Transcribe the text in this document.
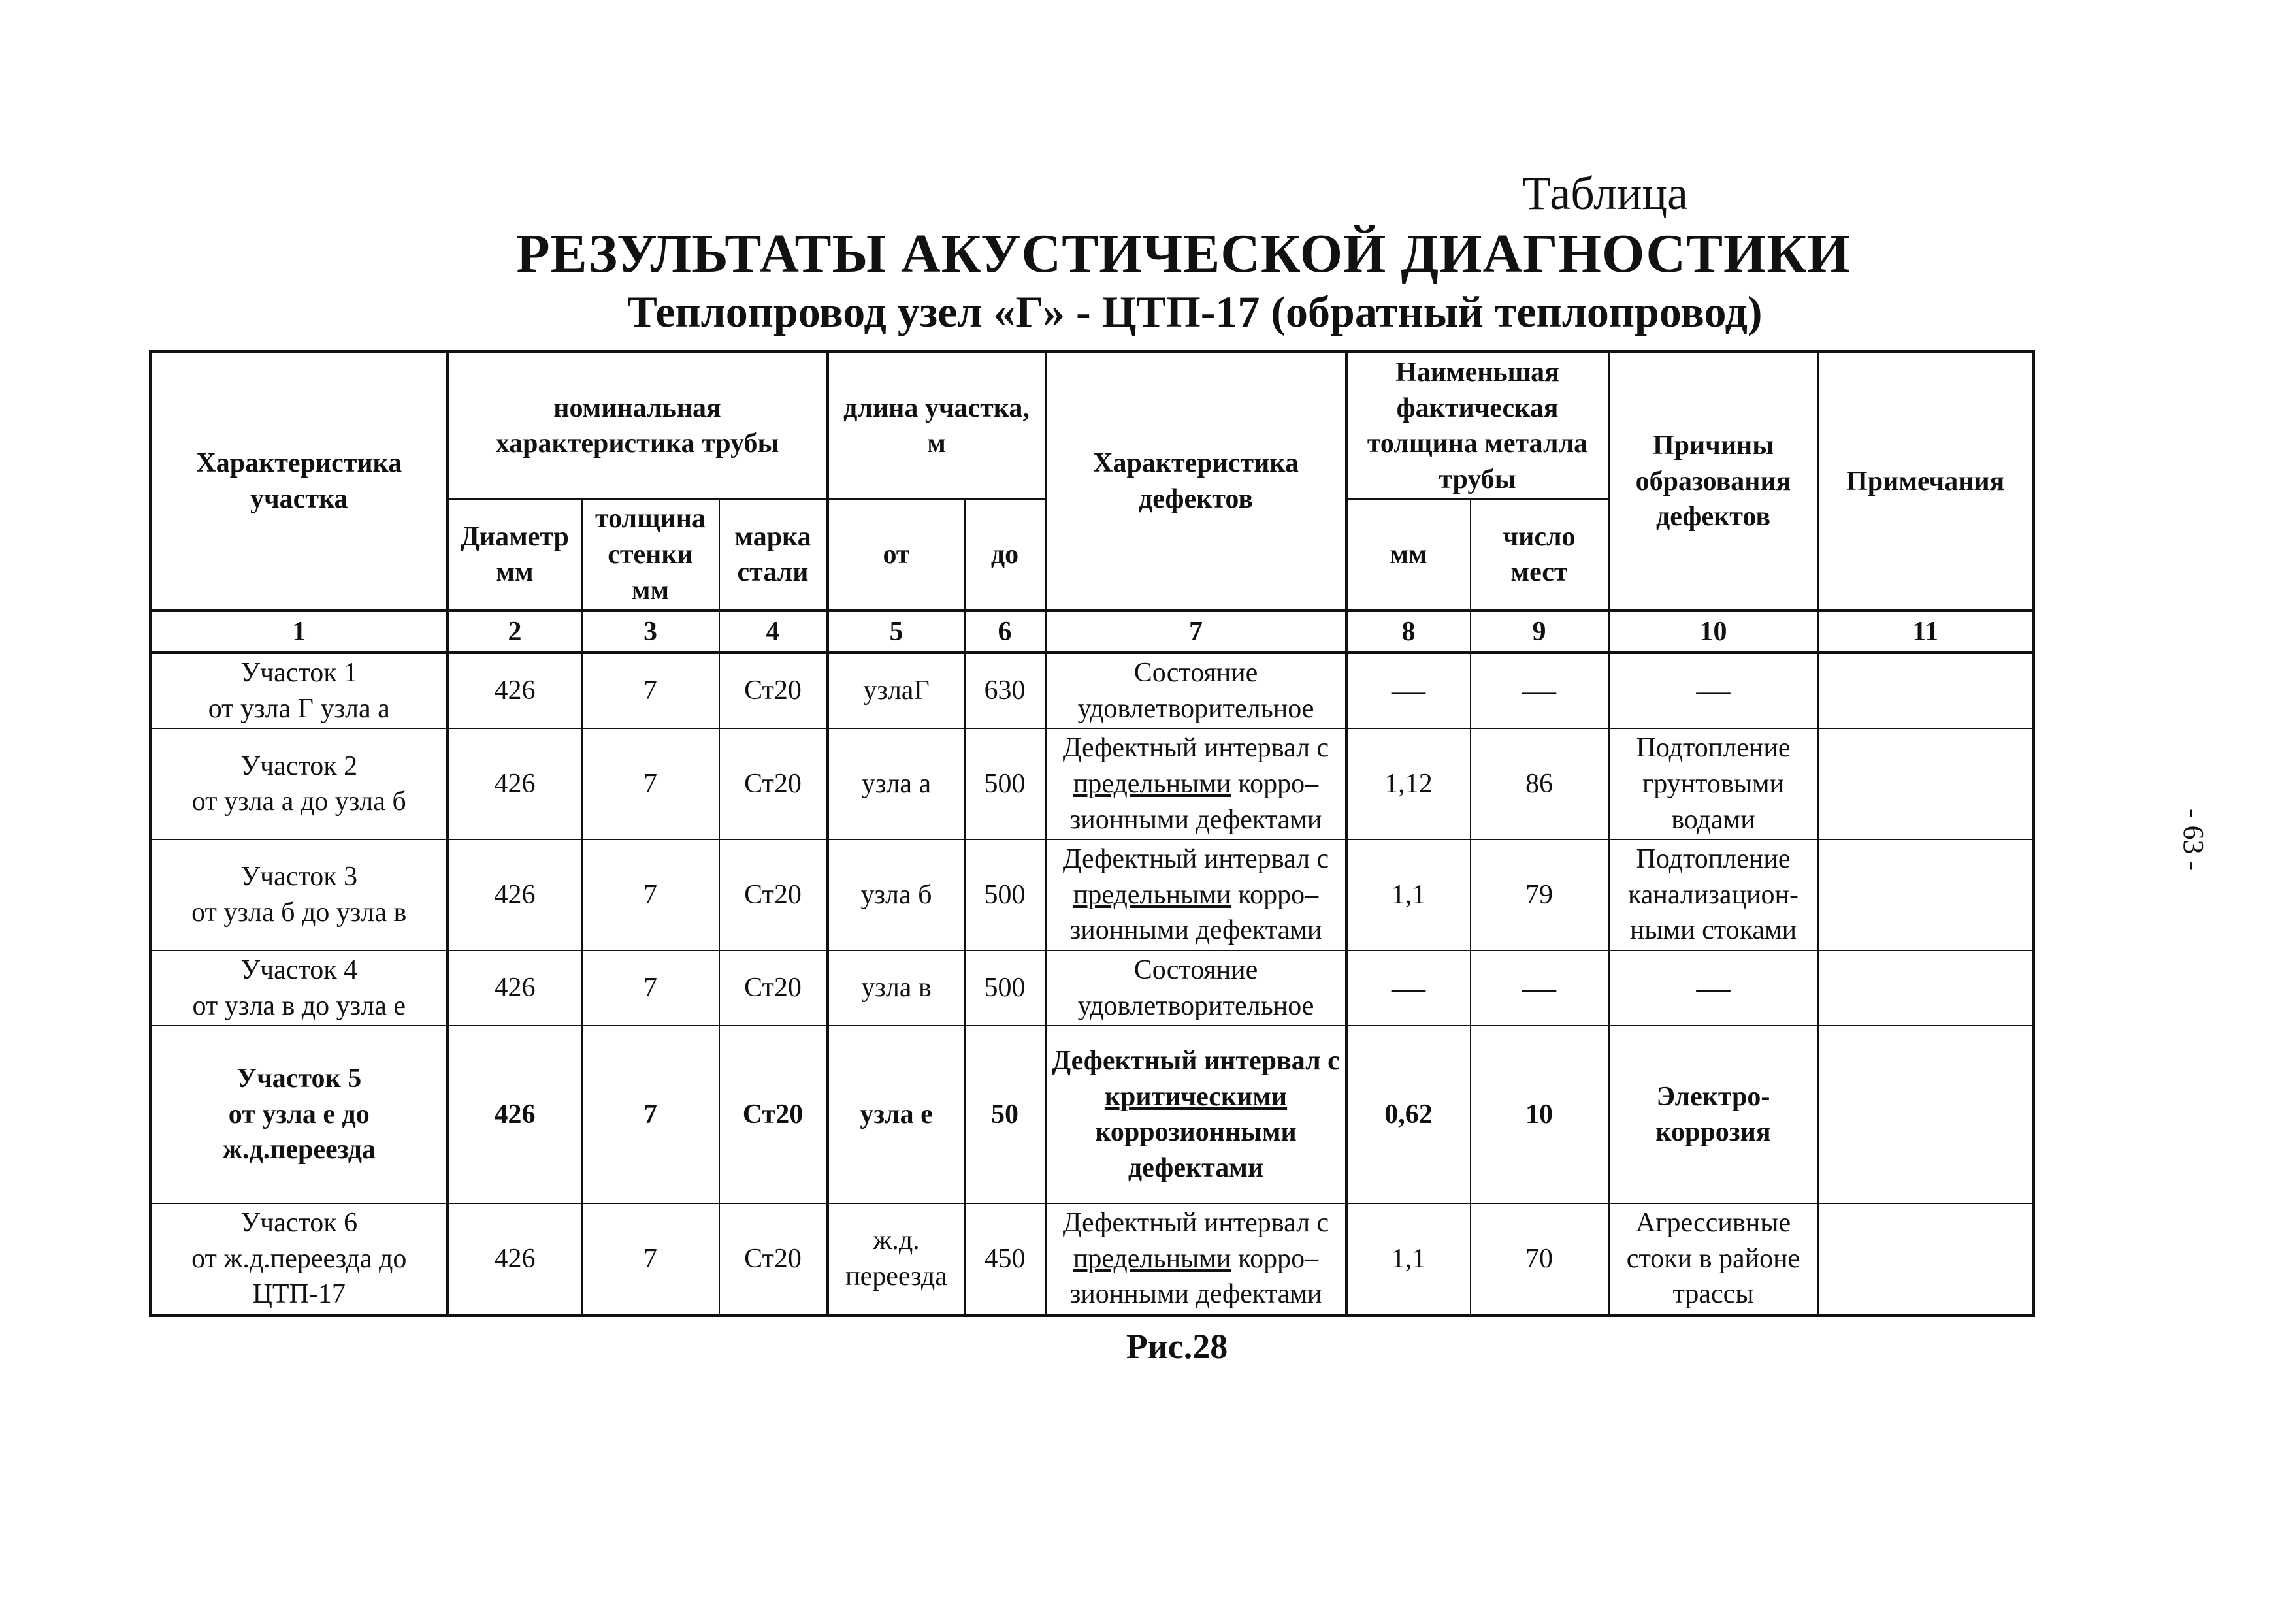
Таблица
РЕЗУЛЬТАТЫ АКУСТИЧЕСКОЙ ДИАГНОСТИКИ
Теплопровод узел «Г» - ЦТП-17 (обратный теплопровод)
- 63 -
Характеристика участка	номинальная характеристика трубы			длина участка, м		Характеристика дефектов	Наименьшая фактическая толщина металла трубы		Причины образования дефектов	Примечания
	Диаметр мм	толщина стенки мм	марка стали	от	до		мм	число мест		
1	2	3	4	5	6	7	8	9	10	11

Участок 1
от узла Г узла а	426	7	Ст20	узлаГ	630	Состояние удовлетворительное	—	—	—	

Участок 2
от узла а до узла б	426	7	Ст20	узла а	500	Дефектный интервал с предельными корро–зионными дефектами	1,12	86	Подтопление грунтовыми водами	

Участок 3
от узла б до узла в	426	7	Ст20	узла б	500	Дефектный интервал с предельными корро–зионными дефектами	1,1	79	Подтопление канализацион-ными стоками	

Участок 4
от узла в до узла е	426	7	Ст20	узла в	500	Состояние удовлетворительное	—	—	—	

Участок 5
от узла е до ж.д.переезда	426	7	Ст20	узла е	50	Дефектный интервал с критическими коррозионными дефектами	0,62	10	Электро-коррозия	

Участок 6
от ж.д.переезда до ЦТП-17	426	7	Ст20	ж.д. переезда	450	Дефектный интервал с предельными корро–зионными дефектами	1,1	70	Агрессивные стоки в районе трассы	
Рис.28
